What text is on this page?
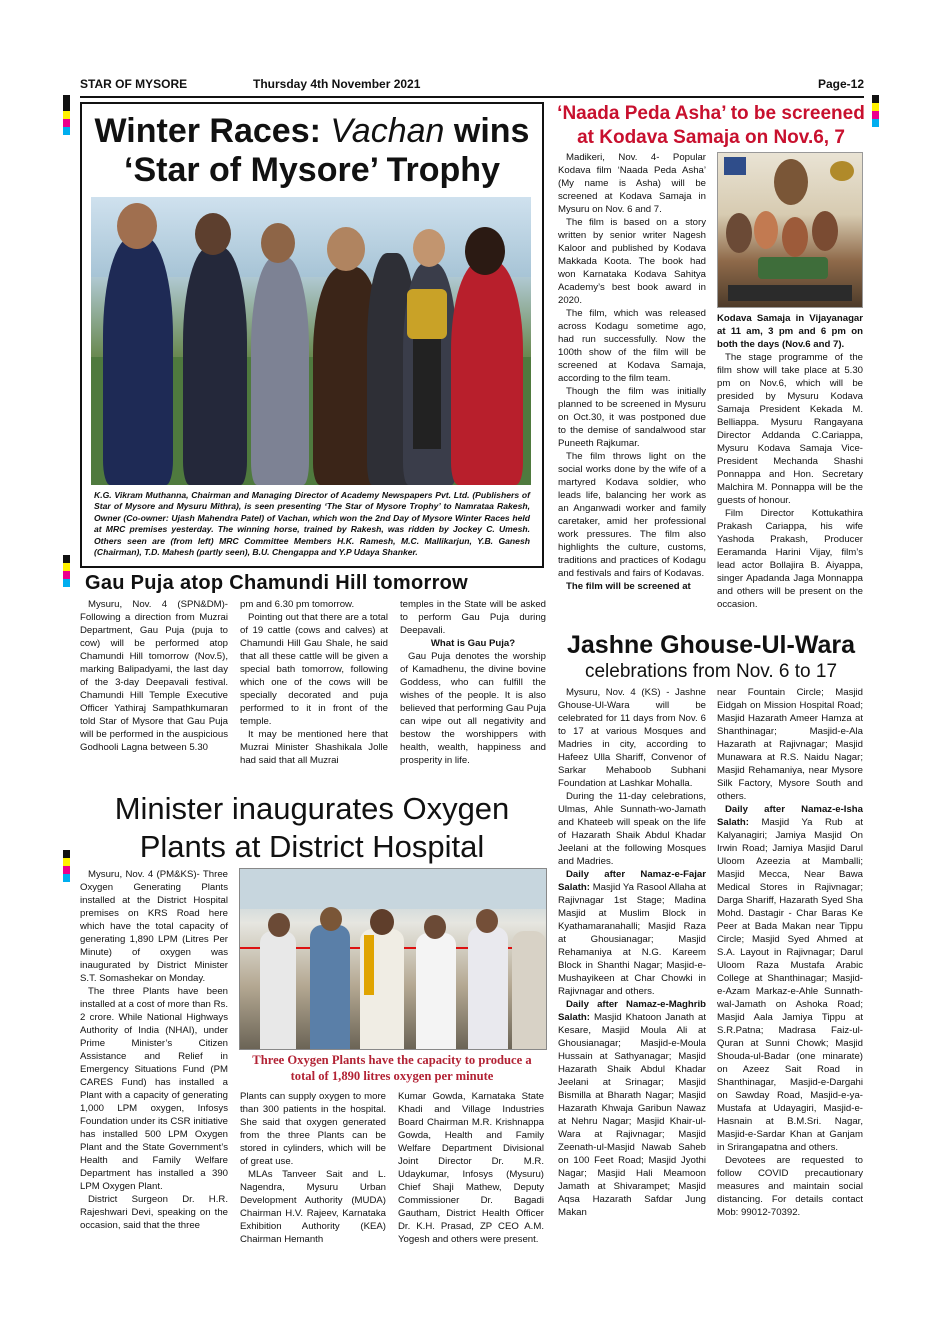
STAR OF MYSORE	Thursday 4th November 2021	Page-12
Winter Races: Vachan wins
‘Star of Mysore’ Trophy
K.G. Vikram Muthanna, Chairman and Managing Director of Academy Newspapers Pvt. Ltd. (Publishers of Star of Mysore and Mysuru Mithra), is seen presenting ‘The Star of Mysore Trophy’ to Namrataa Rakesh, Owner (Co-owner: Ujash Mahendra Patel) of Vachan, which won the 2nd Day of Mysore Winter Races held at MRC premises yesterday. The winning horse, trained by Rakesh, was ridden by Jockey C. Umesh. Others seen are (from left) MRC Committee Members H.K. Ramesh, M.C. Mallikarjun, Y.B. Ganesh (Chairman), T.D. Mahesh (partly seen), B.U. Chengappa and Y.P Udaya Shanker.
Gau Puja atop Chamundi Hill tomorrow

Mysuru, Nov. 4 (SPN&DM)- Following a direction from Muzrai Department, Gau Puja (puja to cow) will be performed atop Chamundi Hill tomorrow (Nov.5), marking Balipadyami, the last day of the 3-day Deepavali festival. Chamundi Hill Temple Executive Officer Yathiraj Sampathkumaran told Star of Mysore that Gau Puja will be performed in the auspicious Godhooli Lagna between 5.30

pm and 6.30 pm tomorrow.

Pointing out that there are a total of 19 cattle (cows and calves) at Chamundi Hill Gau Shale, he said that all these cattle will be given a special bath tomorrow, following which one of the cows will be specially decorated and puja performed to it in front of the temple.

It may be mentioned here that Muzrai Minister Shashikala Jolle had said that all Muzrai

temples in the State will be asked to perform Gau Puja during Deepavali.

What is Gau Puja?

Gau Puja denotes the worship of Kamadhenu, the divine bovine Goddess, who can fulfill the wishes of the people. It is also believed that performing Gau Puja can wipe out all negativity and bestow the worshippers with health, wealth, happiness and prosperity in life.

‘Naada Peda Asha’ to be screened
at Kodava Samaja on Nov.6, 7

Madikeri, Nov. 4- Popular Kodava film ‘Naada Peda Asha’ (My name is Asha) will be screened at Kodava Samaja in Mysuru on Nov. 6 and 7.

The film is based on a story written by senior writer Nagesh Kaloor and published by Kodava Makkada Koota. The book had won Karnataka Kodava Sahitya Academy’s best book award in 2020.

The film, which was released across Kodagu sometime ago, had run successfully. Now the 100th show of the film will be screened at Kodava Samaja, according to the film team.

Though the film was initially planned to be screened in Mysuru on Oct.30, it was postponed due to the demise of sandalwood star Puneeth Rajkumar.

The film throws light on the social works done by the wife of a martyred Kodava soldier, who leads life, balancing her work as an Anganwadi worker and family caretaker, amid her professional work pressures. The film also highlights the culture, customs, traditions and practices of Kodagu and festivals and fairs of Kodavas.

The film will be screened at

Kodava Samaja in Vijayanagar at 11 am, 3 pm and 6 pm on both the days (Nov.6 and 7).

The stage programme of the film show will take place at 5.30 pm on Nov.6, which will be presided by Mysuru Kodava Samaja President Kekada M. Belliappa. Mysuru Rangayana Director Addanda C.Cariappa, Mysuru Kodava Samaja Vice-President Mechanda Shashi Ponnappa and Hon. Secretary Malchira M. Ponnappa will be the guests of honour.

Film Director Kottukathira Prakash Cariappa, his wife Yashoda Prakash, Producer Eeramanda Harini Vijay, film’s lead actor Bollajira B. Aiyappa, singer Apadanda Jaga Monnappa and others will be present on the occasion.

Jashne Ghouse-Ul-Wara
celebrations from Nov. 6 to 17

Mysuru, Nov. 4 (KS) - Jashne Ghouse-Ul-Wara will be celebrated for 11 days from Nov. 6 to 17 at various Mosques and Madries in city, according to Hafeez Ulla Shariff, Convenor of Sarkar Mehaboob Subhani Foundation at Lashkar Mohalla.

During the 11-day celebrations, Ulmas, Ahle Sunnath-wo-Jamath and Khateeb will speak on the life of Hazarath Shaik Abdul Khadar Jeelani at the following Mosques and Madries.

Daily after Namaz-e-Fajar Salath: Masjid Ya Rasool Allaha at Rajivnagar 1st Stage; Madina Masjid at Muslim Block in Kyathamaranahalli; Masjid Raza at Ghousianagar; Masjid Rehamaniya at N.G. Kareem Block in Shanthi Nagar; Masjid-e-Mushayikeen at Char Chowki in Rajivnagar and others.

Daily after Namaz-e-Maghrib Salath: Masjid Khatoon Janath at Kesare, Masjid Moula Ali at Ghousianagar; Masjid-e-Moula Hussain at Sathyanagar; Masjid Hazarath Shaik Abdul Khadar Jeelani at Srinagar; Masjid Bismilla at Bharath Nagar; Masjid Hazarath Khwaja Garibun Nawaz at Nehru Nagar; Masjid Khair-ul-Wara at Rajivnagar; Masjid Zeenath-ul-Masjid Nawab Saheb on 100 Feet Road; Masjid Jyothi Nagar; Masjid Hali Meamoon Jamath at Shivarampet; Masjid Aqsa Hazarath Safdar Jung Makan

near Fountain Circle; Masjid Eidgah on Mission Hospital Road; Masjid Hazarath Ameer Hamza at Shanthinagar; Masjid-e-Ala Hazarath at Rajivnagar; Masjid Munawara at R.S. Naidu Nagar; Masjid Rehamaniya, near Mysore Silk Factory, Mysore South and others.

Daily after Namaz-e-Isha Salath: Masjid Ya Rub at Kalyanagiri; Jamiya Masjid On Irwin Road; Jamiya Masjid Darul Uloom Azeezia at Mamballi; Masjid Mecca, Near Bawa Medical Stores in Rajivnagar; Darga Shariff, Hazarath Syed Sha Mohd. Dastagir - Char Baras Ke Peer at Bada Makan near Tippu Circle; Masjid Syed Ahmed at S.A. Layout in Rajivnagar; Darul Uloom Raza Mustafa Arabic College at Shanthinagar; Masjid-e-Azam Markaz-e-Ahle Sunnath-wal-Jamath on Ashoka Road; Masjid Aala Jamiya Tippu at S.R.Patna; Madrasa Faiz-ul-Quran at Sunni Chowk; Masjid Shouda-ul-Badar (one minarate) on Azeez Sait Road in Shanthinagar, Masjid-e-Dargahi on Sawday Road, Masjid-e-ya-Mustafa at Udayagiri, Masjid-e-Hasnain at B.M.Sri. Nagar, Masjid-e-Sardar Khan at Ganjam in Srirangapatna and others.

Devotees are requested to follow COVID precautionary measures and maintain social distancing. For details contact Mob: 99012-70392.

Minister inaugurates Oxygen
Plants at District Hospital

Mysuru, Nov. 4 (PM&KS)- Three Oxygen Generating Plants installed at the District Hospital premises on KRS Road here which have the total capacity of generating 1,890 LPM (Litres Per Minute) of oxygen was inaugurated by District Minister S.T. Somashekar on Monday.

The three Plants have been installed at a cost of more than Rs. 2 crore. While National Highways Authority of India (NHAI), under Prime Minister’s Citizen Assistance and Relief in Emergency Situations Fund (PM CARES Fund) has installed a Plant with a capacity of generating 1,000 LPM oxygen, Infosys Foundation under its CSR initiative has installed 500 LPM Oxygen Plant and the State Government’s Health and Family Welfare Department has installed a 390 LPM Oxygen Plant.

District Surgeon Dr. H.R. Rajeshwari Devi, speaking on the occasion, said that the three

Three Oxygen Plants have the capacity to produce a total of 1,890 litres oxygen per minute

Plants can supply oxygen to more than 300 patients in the hospital. She said that oxygen generated from the three Plants can be stored in cylinders, which will be of great use.

MLAs Tanveer Sait and L. Nagendra, Mysuru Urban Development Authority (MUDA) Chairman H.V. Rajeev, Karnataka Exhibition Authority (KEA) Chairman Hemanth

Kumar Gowda, Karnataka State Khadi and Village Industries Board Chairman M.R. Krishnappa Gowda, Health and Family Welfare Department Divisional Joint Director Dr. M.R. Udaykumar, Infosys (Mysuru) Chief Shaji Mathew, Deputy Commissioner Dr. Bagadi Gautham, District Health Officer Dr. K.H. Prasad, ZP CEO A.M. Yogesh and others were present.
